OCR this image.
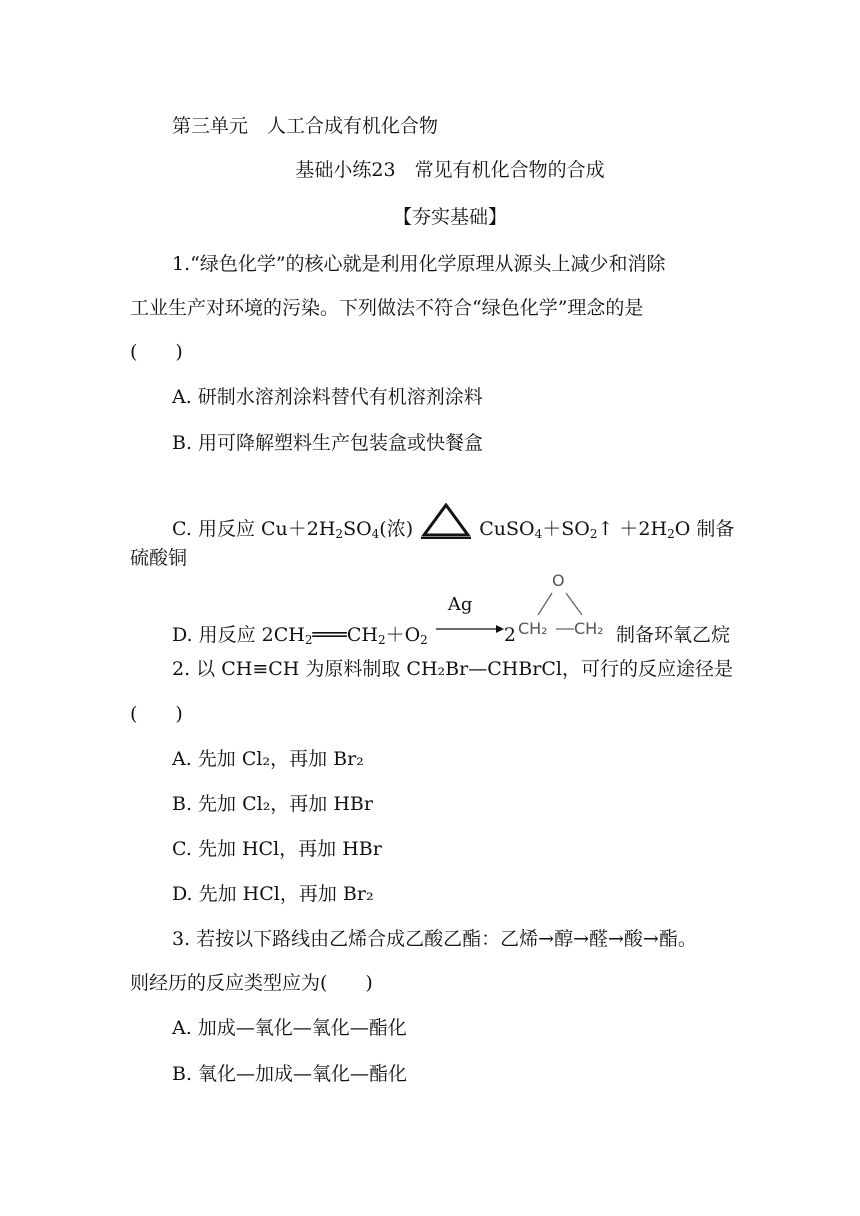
第三单元　人工合成有机化合物
基础小练23　常见有机化合物的合成
【夯实基础】
1.“绿色化学”的核心就是利用化学原理从源头上减少和消除
工业生产对环境的污染。下列做法不符合“绿色化学”理念的是
(　　)
A. 研制水溶剂涂料替代有机溶剂涂料
B. 用可降解塑料生产包装盒或快餐盒
C. 用反应 $Cu+2H_2SO_4$(浓)	$CuSO_4+SO_2↑ +2H_2O$ 制备
硫酸铜
D. 用反应 $2CH_2═══CH_2+O_2$
Ag
2
O
CH₂ CH₂ 制备环氧乙烷
2. 以 CH≡CH 为原料制取 CH₂Br—CHBrCl，可行的反应途径是
(　　)
A. 先加 Cl₂，再加 Br₂
B. 先加 Cl₂，再加 HBr
C. 先加 HCl，再加 HBr
D. 先加 HCl，再加 Br₂
3. 若按以下路线由乙烯合成乙酸乙酯：乙烯→醇→醛→酸→酯。
则经历的反应类型应为(　　)
A. 加成—氧化—氧化—酯化
B. 氧化—加成—氧化—酯化
